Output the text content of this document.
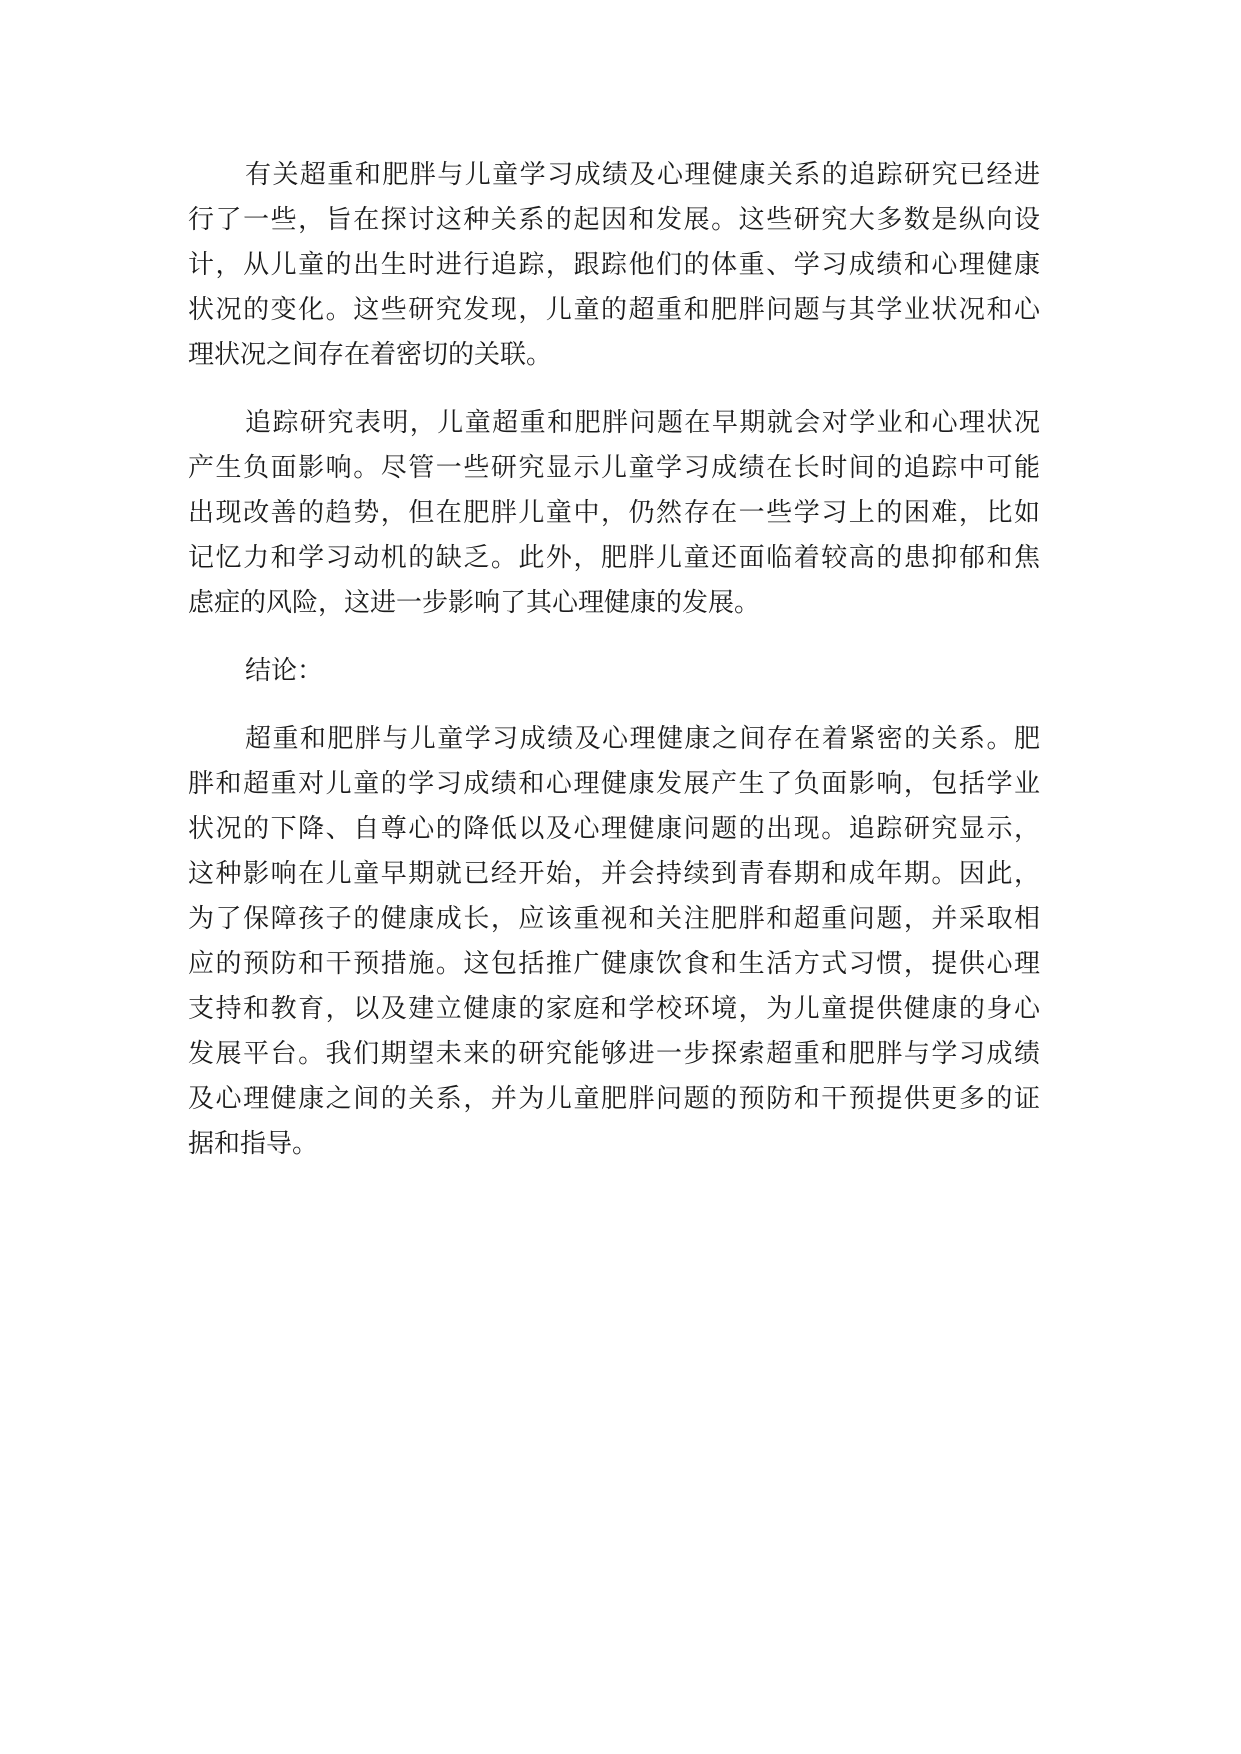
有关超重和肥胖与儿童学习成绩及心理健康关系的追踪研究已经进
行了一些，旨在探讨这种关系的起因和发展。这些研究大多数是纵向设
计，从儿童的出生时进行追踪，跟踪他们的体重、学习成绩和心理健康
状况的变化。这些研究发现，儿童的超重和肥胖问题与其学业状况和心
理状况之间存在着密切的关联。
追踪研究表明，儿童超重和肥胖问题在早期就会对学业和心理状况
产生负面影响。尽管一些研究显示儿童学习成绩在长时间的追踪中可能
出现改善的趋势，但在肥胖儿童中，仍然存在一些学习上的困难，比如
记忆力和学习动机的缺乏。此外，肥胖儿童还面临着较高的患抑郁和焦
虑症的风险，这进一步影响了其心理健康的发展。
结论：
超重和肥胖与儿童学习成绩及心理健康之间存在着紧密的关系。肥
胖和超重对儿童的学习成绩和心理健康发展产生了负面影响，包括学业
状况的下降、自尊心的降低以及心理健康问题的出现。追踪研究显示，
这种影响在儿童早期就已经开始，并会持续到青春期和成年期。因此，
为了保障孩子的健康成长，应该重视和关注肥胖和超重问题，并采取相
应的预防和干预措施。这包括推广健康饮食和生活方式习惯，提供心理
支持和教育，以及建立健康的家庭和学校环境，为儿童提供健康的身心
发展平台。我们期望未来的研究能够进一步探索超重和肥胖与学习成绩
及心理健康之间的关系，并为儿童肥胖问题的预防和干预提供更多的证
据和指导。
